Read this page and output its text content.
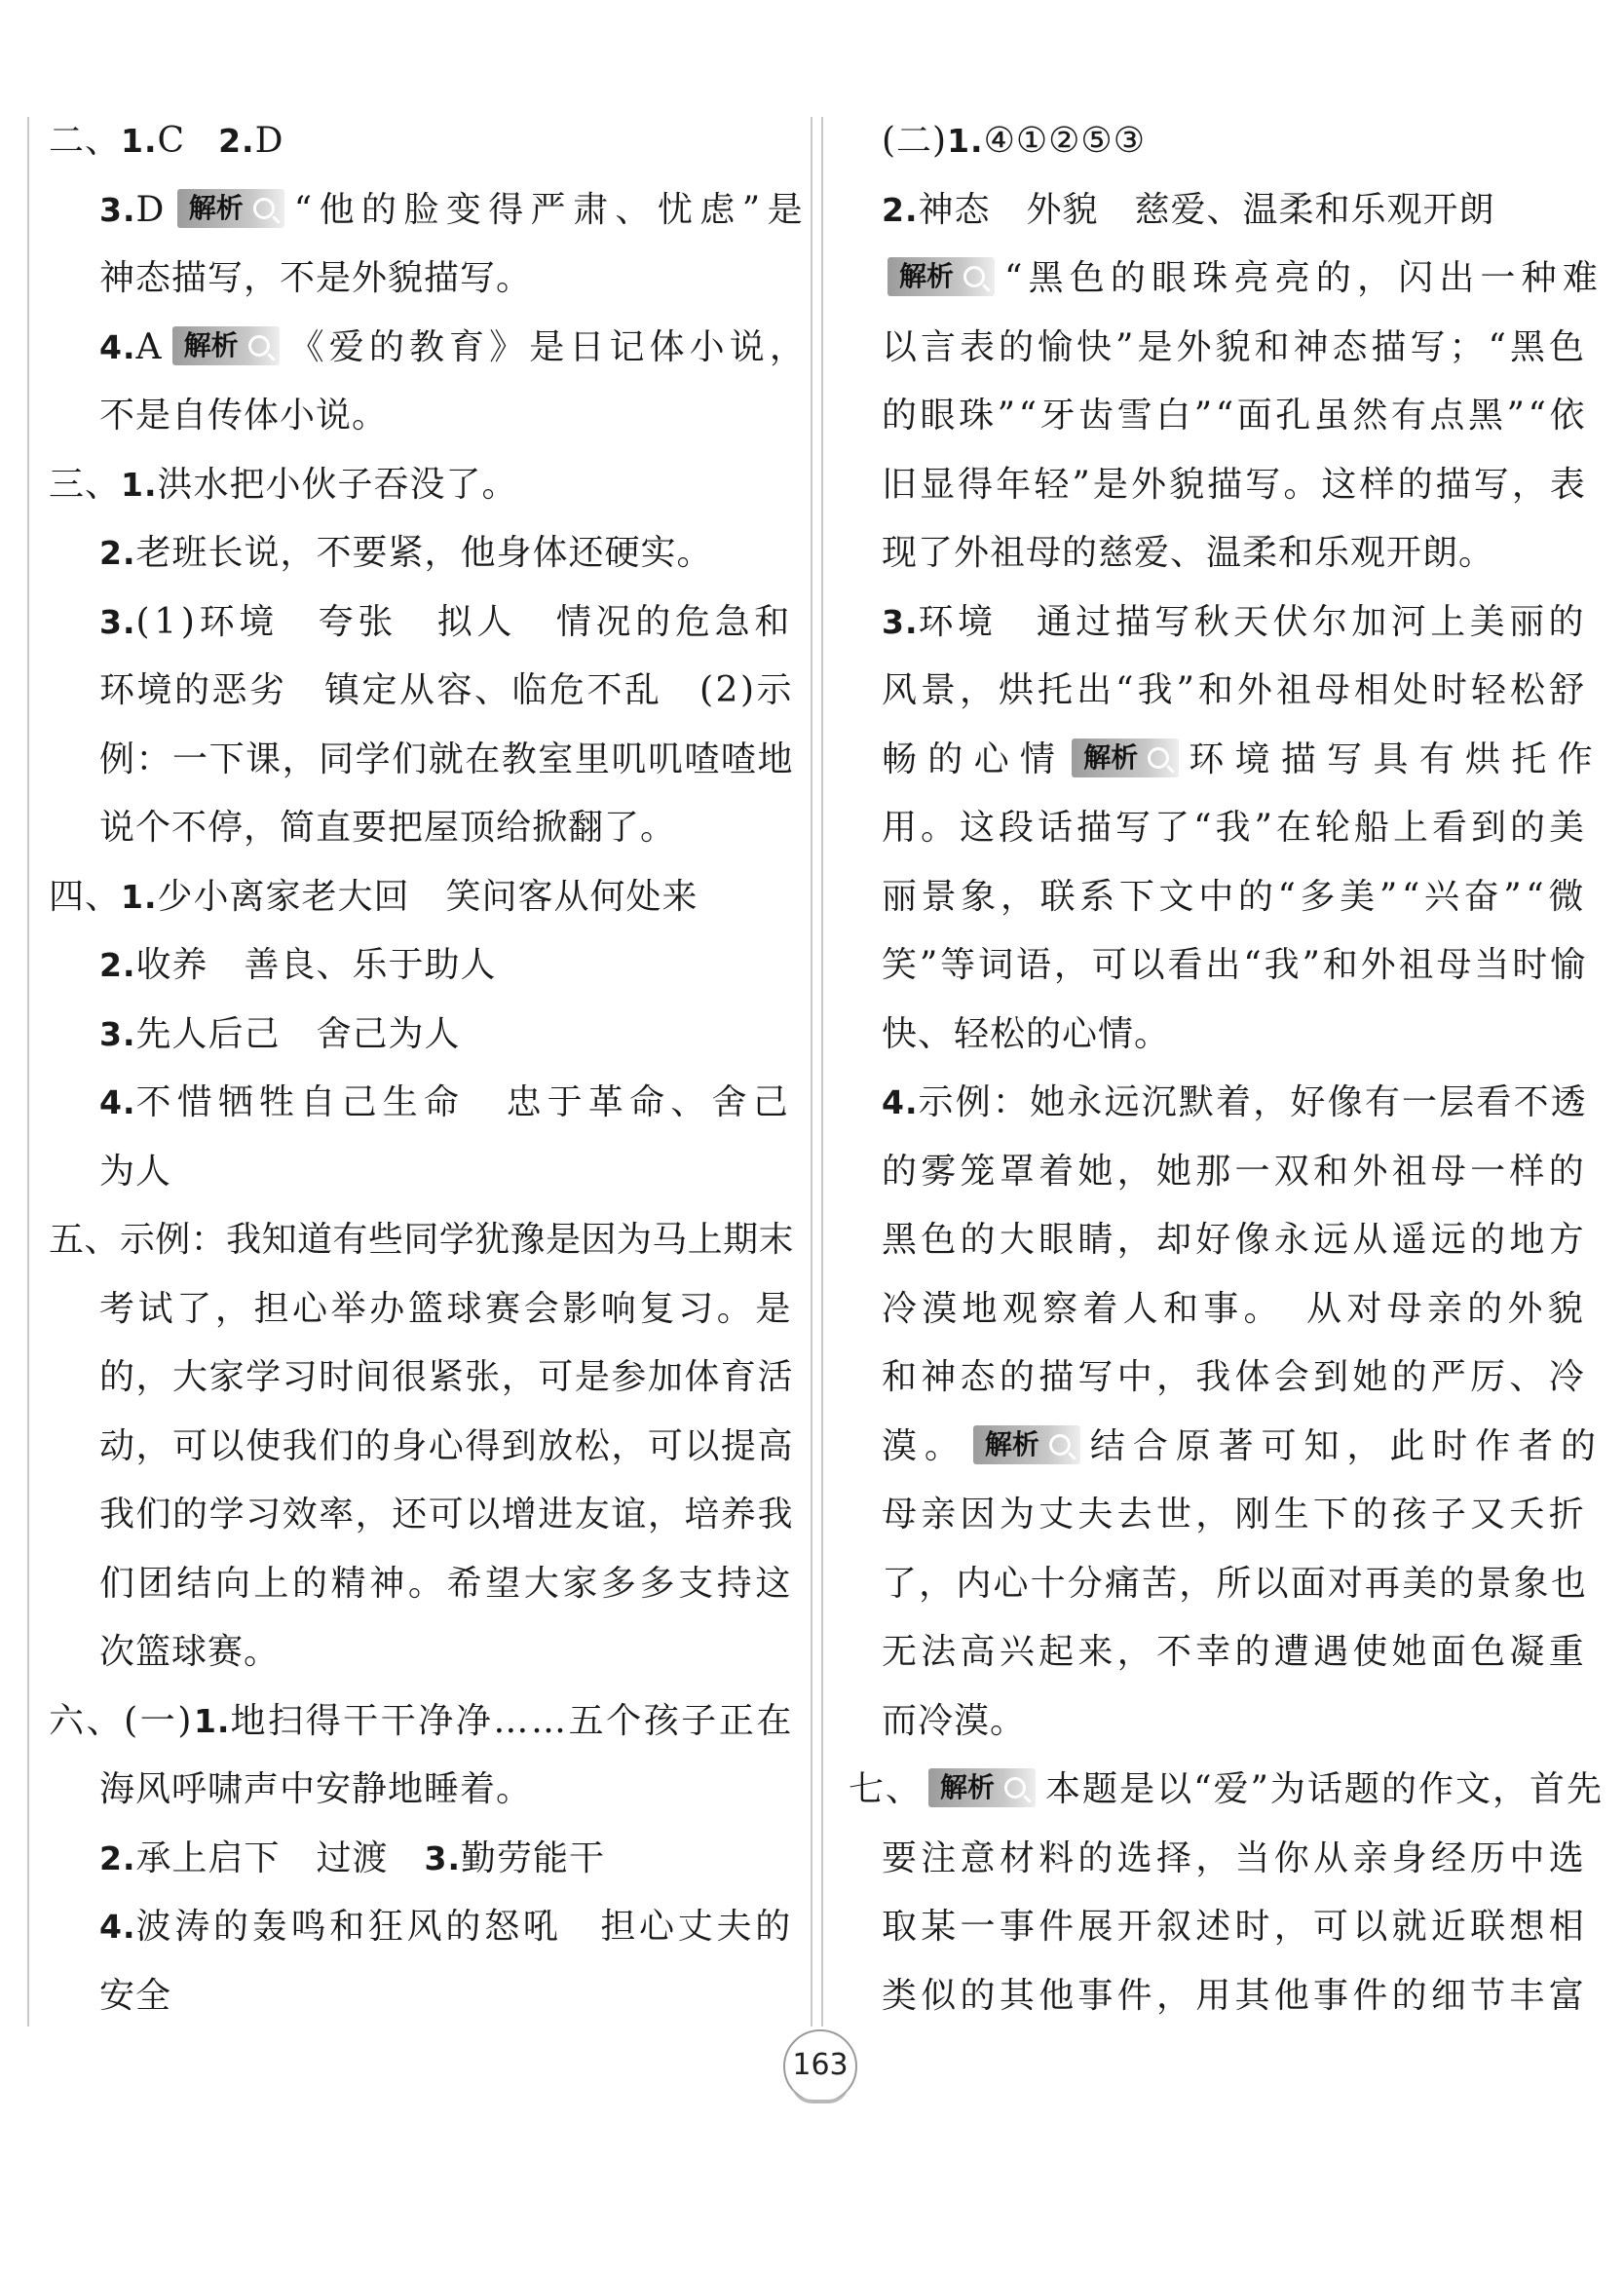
二、1.C 2.D
3.D 解析 “他的脸变得严肃、忧虑”是
神态描写，不是外貌描写。
4.A 解析 《爱的教育》是日记体小说，
不是自传体小说。
三、1.洪水把小伙子吞没了。
2.老班长说，不要紧，他身体还硬实。
3.(1)环境　夸张　拟人　情况的危急和
环境的恶劣　镇定从容、临危不乱　(2)示
例：一下课，同学们就在教室里叽叽喳喳地
说个不停，简直要把屋顶给掀翻了。
四、1.少小离家老大回　笑问客从何处来
2.收养　善良、乐于助人
3.先人后己　舍己为人
4.不惜牺牲自己生命　忠于革命、舍己
为人
五、示例：我知道有些同学犹豫是因为马上期末
考试了，担心举办篮球赛会影响复习。是
的，大家学习时间很紧张，可是参加体育活
动，可以使我们的身心得到放松，可以提高
我们的学习效率，还可以增进友谊，培养我
们团结向上的精神。希望大家多多支持这
次篮球赛。
六、(一)1.地扫得干干净净……五个孩子正在
海风呼啸声中安静地睡着。
2.承上启下　过渡　3.勤劳能干
4.波涛的轰鸣和狂风的怒吼　担心丈夫的
安全
(二)1.④①②⑤③
2.神态　外貌　慈爱、温柔和乐观开朗
解析 “黑色的眼珠亮亮的，闪出一种难
以言表的愉快”是外貌和神态描写；“黑色
的眼珠”“牙齿雪白”“面孔虽然有点黑”“依
旧显得年轻”是外貌描写。这样的描写，表
现了外祖母的慈爱、温柔和乐观开朗。
3.环境　通过描写秋天伏尔加河上美丽的
风景，烘托出“我”和外祖母相处时轻松舒
畅的心情 解析 环境描写具有烘托作
用。这段话描写了“我”在轮船上看到的美
丽景象，联系下文中的“多美”“兴奋”“微
笑”等词语，可以看出“我”和外祖母当时愉
快、轻松的心情。
4.示例：她永远沉默着，好像有一层看不透
的雾笼罩着她，她那一双和外祖母一样的
黑色的大眼睛，却好像永远从遥远的地方
冷漠地观察着人和事。　从对母亲的外貌
和神态的描写中，我体会到她的严厉、冷
漠。 解析 结合原著可知，此时作者的
母亲因为丈夫去世，刚生下的孩子又夭折
了，内心十分痛苦，所以面对再美的景象也
无法高兴起来，不幸的遭遇使她面色凝重
而冷漠。
七、 解析 本题是以“爱”为话题的作文，首先
要注意材料的选择，当你从亲身经历中选
取某一事件展开叙述时，可以就近联想相
类似的其他事件，用其他事件的细节丰富
163
